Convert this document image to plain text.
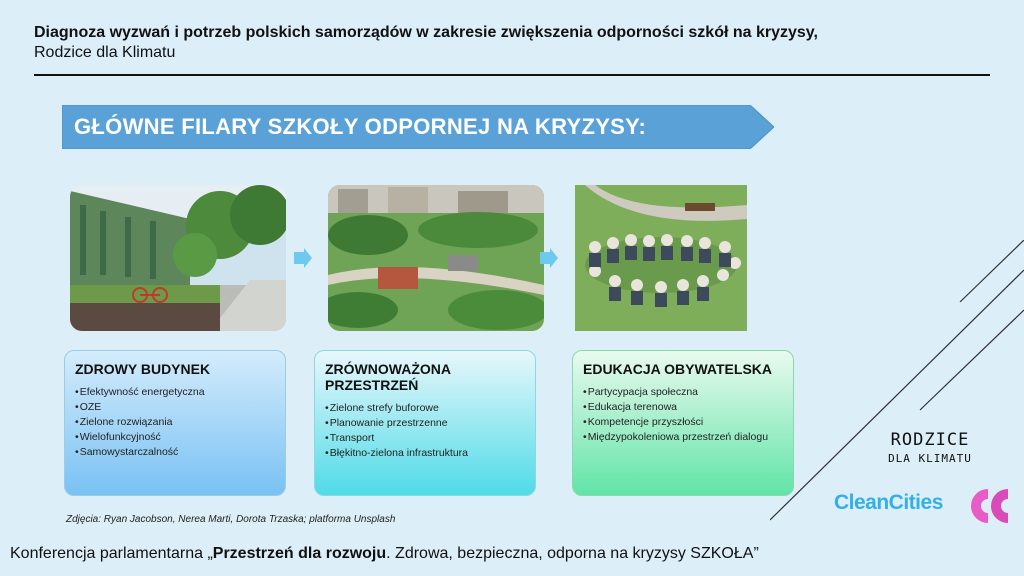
Diagnoza wyzwań i potrzeb polskich samorządów w zakresie zwiększenia odporności szkół na kryzysy,
Rodzice dla Klimatu
GŁÓWNE FILARY SZKOŁY ODPORNEJ NA KRYZYSY:
ZDROWY BUDYNEK
• Efektywność energetyczna
• OZE
• Zielone rozwiązania
• Wielofunkcyjność
• Samowystarczalność
ZRÓWNOWAŻONA PRZESTRZEŃ
• Zielone strefy buforowe
• Planowanie przestrzenne
• Transport
• Błękitno-zielona infrastruktura
EDUKACJA OBYWATELSKA
• Partycypacja społeczna
• Edukacja terenowa
• Kompetencje przyszłości
• Międzypokoleniowa przestrzeń dialogu
Zdjęcia: Ryan Jacobson, Nerea Marti, Dorota Trzaska; platforma Unsplash
Konferencja parlamentarna „Przestrzeń dla rozwoju. Zdrowa, bezpieczna, odporna na kryzysy SZKOŁA”
RODZICE
DLA KLIMATU
CleanCities
